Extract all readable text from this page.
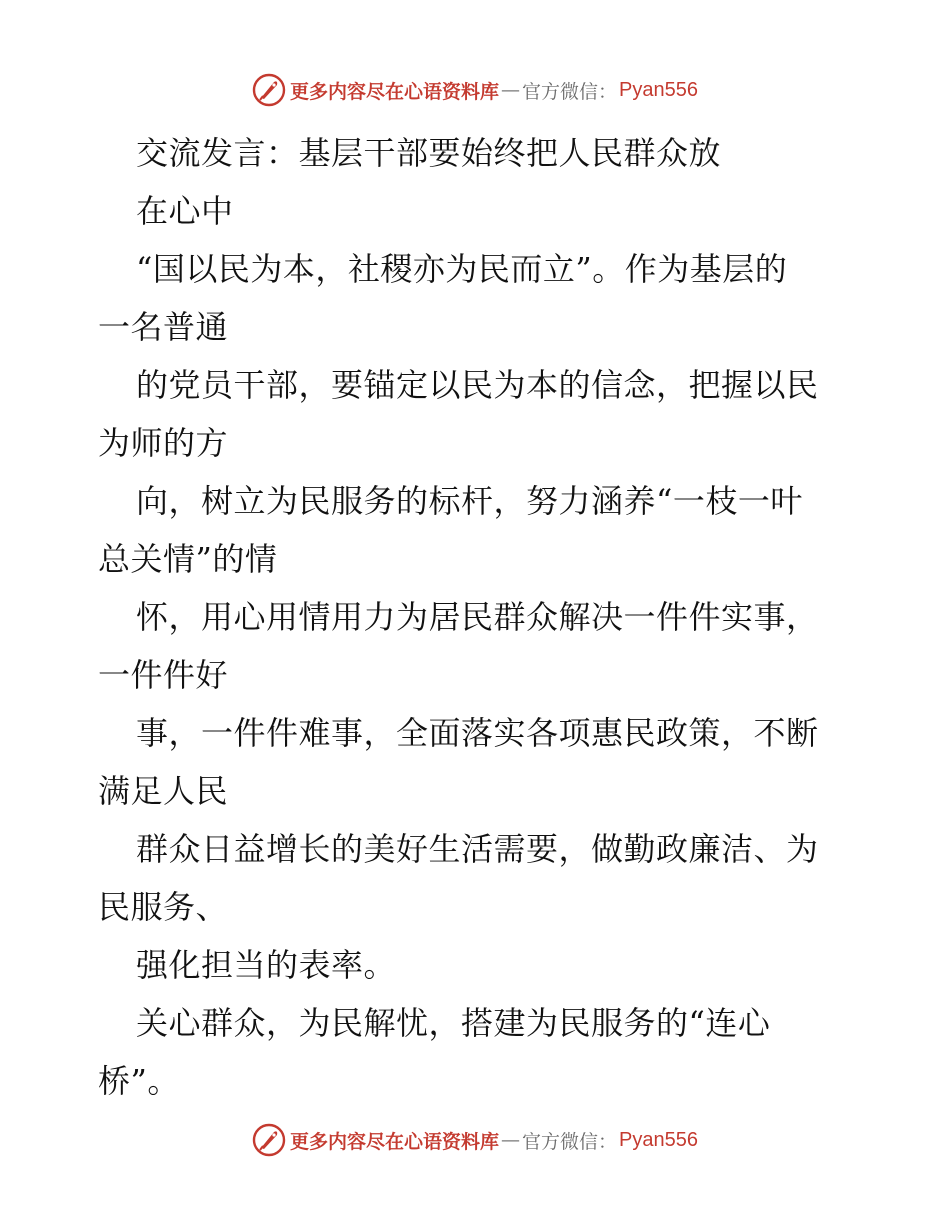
更多内容尽在心语资料库 — 官方微信： Pyan556
交流发言：基层干部要始终把人民群众放
在心中
“国以民为本，社稷亦为民而立”。作为基层的
一名普通
的党员干部，要锚定以民为本的信念，把握以民
为师的方
向，树立为民服务的标杆，努力涵养“一枝一叶
总关情”的情
怀，用心用情用力为居民群众解决一件件实事，
一件件好
事，一件件难事，全面落实各项惠民政策，不断
满足人民
群众日益增长的美好生活需要，做勤政廉洁、为
民服务、
强化担当的表率。
关心群众，为民解忧，搭建为民服务的“连心
桥”。
更多内容尽在心语资料库 — 官方微信： Pyan556
